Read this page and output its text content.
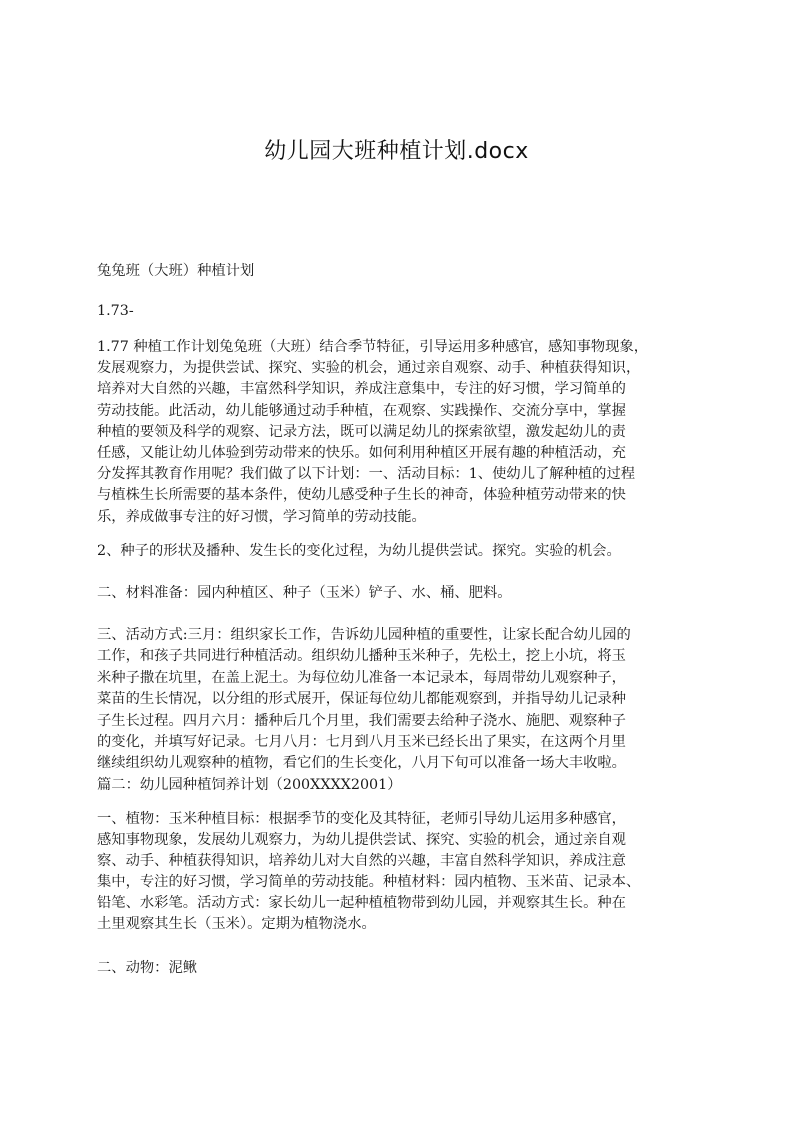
幼儿园大班种植计划.docx

兔兔班（大班）种植计划

1.73-

1.77 种植工作计划兔兔班（大班）结合季节特征，引导运用多种感官，感知事物现象，
发展观察力，为提供尝试、探究、实验的机会，通过亲自观察、动手、种植获得知识，
培养对大自然的兴趣，丰富然科学知识，养成注意集中，专注的好习惯，学习简单的
劳动技能。此活动，幼儿能够通过动手种植，在观察、实践操作、交流分享中，掌握
种植的要领及科学的观察、记录方法，既可以满足幼儿的探索欲望，激发起幼儿的责
任感，又能让幼儿体验到劳动带来的快乐。如何利用种植区开展有趣的种植活动，充
分发挥其教育作用呢？我们做了以下计划：一、活动目标：1、使幼儿了解种植的过程
与植株生长所需要的基本条件，使幼儿感受种子生长的神奇，体验种植劳动带来的快
乐，养成做事专注的好习惯，学习简单的劳动技能。

2、种子的形状及播种、发生长的变化过程，为幼儿提供尝试。探究。实验的机会。

二、材料准备：园内种植区、种子（玉米）铲子、水、桶、肥料。

三、活动方式:三月：组织家长工作，告诉幼儿园种植的重要性，让家长配合幼儿园的
工作，和孩子共同进行种植活动。组织幼儿播种玉米种子，先松土，挖上小坑，将玉
米种子撒在坑里，在盖上泥土。为每位幼儿准备一本记录本，每周带幼儿观察种子，
菜苗的生长情况，以分组的形式展开，保证每位幼儿都能观察到，并指导幼儿记录种
子生长过程。四月六月：播种后几个月里，我们需要去给种子浇水、施肥、观察种子
的变化，并填写好记录。七月八月：七月到八月玉米已经长出了果实，在这两个月里
继续组织幼儿观察种的植物，看它们的生长变化，八月下旬可以准备一场大丰收啦。
篇二：幼儿园种植饲养计划（200XXXX2001）

一、植物：玉米种植目标：根据季节的变化及其特征，老师引导幼儿运用多种感官，
感知事物现象，发展幼儿观察力，为幼儿提供尝试、探究、实验的机会，通过亲自观
察、动手、种植获得知识，培养幼儿对大自然的兴趣，丰富自然科学知识，养成注意
集中，专注的好习惯，学习简单的劳动技能。种植材料：园内植物、玉米苗、记录本、
铅笔、水彩笔。活动方式：家长幼儿一起种植植物带到幼儿园，并观察其生长。种在
土里观察其生长（玉米）。定期为植物浇水。

二、动物：泥鳅
